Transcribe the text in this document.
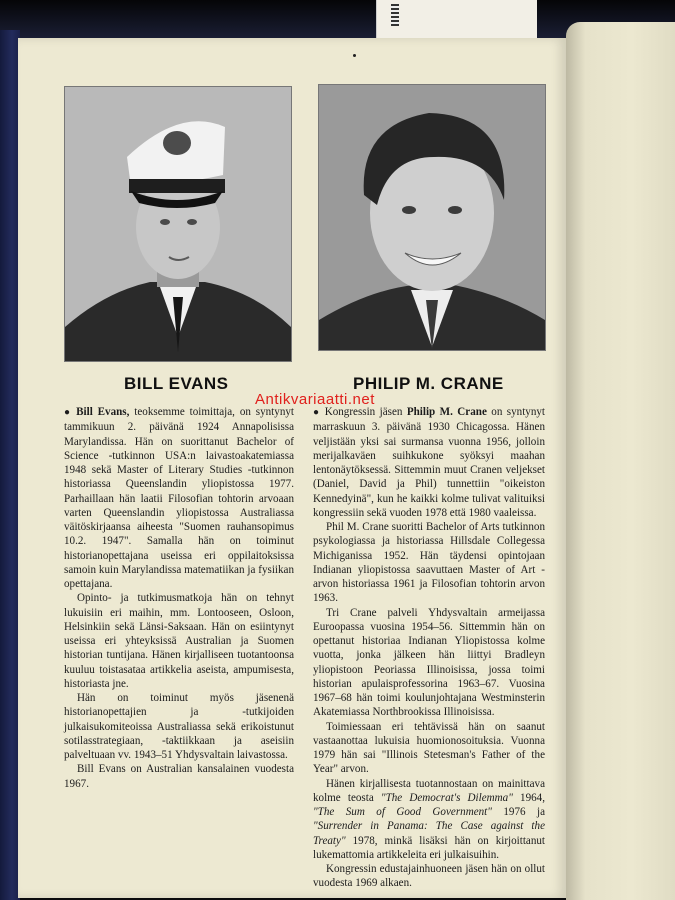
BILL EVANS	PHILIP M. CRANE
Antikvariaatti.net

● Bill Evans, teoksemme toimittaja, on syntynyt tammikuun 2. päivänä 1924 Annapolisissa Marylandissa. Hän on suorittanut Bachelor of Science -tutkinnon USA:n laivastoakatemiassa 1948 sekä Master of Literary Studies -tutkinnon historiassa Queenslandin yliopistossa 1977. Parhaillaan hän laatii Filosofian tohtorin arvoaan varten Queenslandin yliopistossa Australiassa väitöskirjaansa aiheesta "Suomen rauhansopimus 10.2. 1947". Samalla hän on toiminut historianopettajana useissa eri oppilaitoksissa samoin kuin Marylandissa matematiikan ja fysiikan opettajana.

Opinto- ja tutkimusmatkoja hän on tehnyt lukuisiin eri maihin, mm. Lontooseen, Osloon, Helsinkiin sekä Länsi-Saksaan. Hän on esiintynyt useissa eri yhteyksissä Australian ja Suomen historian tuntijana. Hänen kirjalliseen tuotantoonsa kuuluu toistasataa artikkelia aseista, ampumisesta, historiasta jne.

Hän on toiminut myös jäsenenä historianopettajien ja -tutkijoiden julkaisukomiteoissa Australiassa sekä erikoistunut sotilasstrategiaan, -taktiikkaan ja aseisiin palveltuaan vv. 1943–51 Yhdysvaltain laivastossa.

Bill Evans on Australian kansalainen vuodesta 1967.

● Kongressin jäsen Philip M. Crane on syntynyt marraskuun 3. päivänä 1930 Chicagossa. Hänen veljistään yksi sai surmansa vuonna 1956, jolloin merijalkaväen suihkukone syöksyi maahan lentonäytöksessä. Sittemmin muut Cranen veljekset (Daniel, David ja Phil) tunnettiin "oikeiston Kennedyinä", kun he kaikki kolme tulivat valituiksi kongressiin sekä vuoden 1978 että 1980 vaaleissa.

Phil M. Crane suoritti Bachelor of Arts tutkinnon psykologiassa ja historiassa Hillsdale Collegessa Michiganissa 1952. Hän täydensi opintojaan Indianan yliopistossa saavuttaen Master of Art -arvon historiassa 1961 ja Filosofian tohtorin arvon 1963.

Tri Crane palveli Yhdysvaltain armeijassa Euroopassa vuosina 1954–56. Sittemmin hän on opettanut historiaa Indianan Yliopistossa kolme vuotta, jonka jälkeen hän liittyi Bradleyn yliopistoon Peoriassa Illinoisissa, jossa toimi historian apulaisprofessorina 1963–67. Vuosina 1967–68 hän toimi koulunjohtajana Westminsterin Akatemiassa Northbrookissa Illinoisissa.

Toimiessaan eri tehtävissä hän on saanut vastaanottaa lukuisia huomionosoituksia. Vuonna 1979 hän sai "Illinois Stetesman's Father of the Year" arvon.

Hänen kirjallisesta tuotannostaan on mainittava kolme teosta "The Democrat's Dilemma" 1964, "The Sum of Good Government" 1976 ja "Surrender in Panama: The Case against the Treaty" 1978, minkä lisäksi hän on kirjoittanut lukemattomia artikkeleita eri julkaisuihin.

Kongressin edustajainhuoneen jäsen hän on ollut vuodesta 1969 alkaen.
